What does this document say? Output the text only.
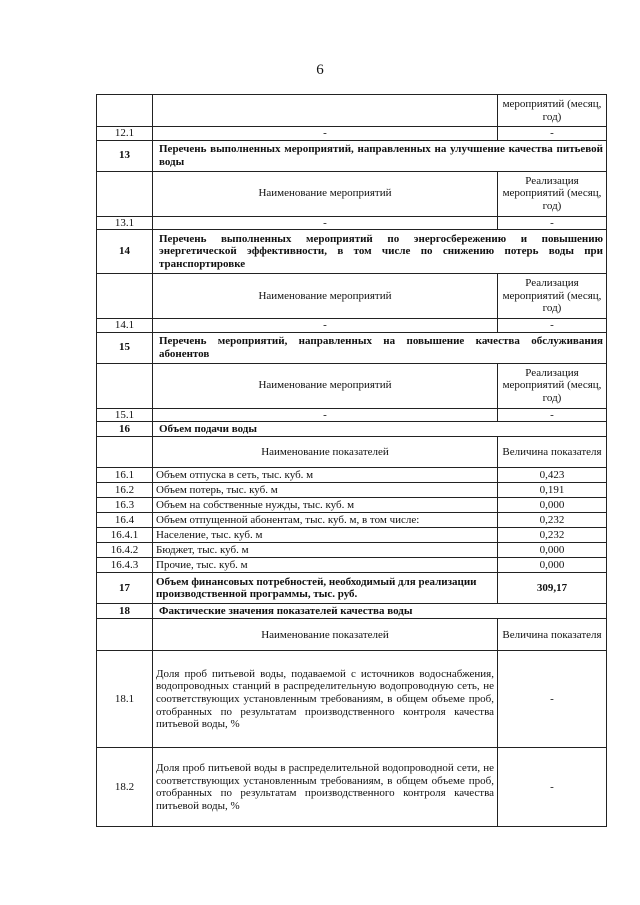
6
		мероприятий (месяц, год)
12.1	-	-
13	Перечень выполненных мероприятий, направленных на улучшение качества питьевой воды	
	Наименование мероприятий	Реализация мероприятий (месяц, год)
13.1	-	-
14	Перечень выполненных мероприятий по энергосбережению и повышению энергетической эффективности, в том числе по снижению потерь воды при транспортировке	
	Наименование мероприятий	Реализация мероприятий (месяц, год)
14.1	-	-
15	Перечень мероприятий, направленных на повышение качества обслуживания абонентов	
	Наименование мероприятий	Реализация мероприятий (месяц, год)
15.1	-	-
16	Объем подачи воды	
	Наименование показателей	Величина показателя
16.1	Объем отпуска в сеть, тыс. куб. м	0,423
16.2	Объем потерь, тыс. куб. м	0,191
16.3	Объем на собственные нужды, тыс. куб. м	0,000
16.4	Объем отпущенной абонентам, тыс. куб. м, в том числе:	0,232
16.4.1	Население, тыс. куб. м	0,232
16.4.2	Бюджет, тыс. куб. м	0,000
16.4.3	Прочие, тыс. куб. м	0,000
17	Объем финансовых потребностей, необходимый для реализации производственной программы, тыс. руб.	309,17
18	Фактические значения показателей качества воды	
	Наименование показателей	Величина показателя
18.1	Доля проб питьевой воды, подаваемой с источников водоснабжения, водопроводных станций в распределительную водопроводную сеть, не соответствующих установленным требованиям, в общем объеме проб, отобранных по результатам производственного контроля качества питьевой воды, %	-
18.2	Доля проб питьевой воды в распределительной водопроводной сети, не соответствующих установленным требованиям, в общем объеме проб, отобранных по результатам производственного контроля качества питьевой воды, %	-
